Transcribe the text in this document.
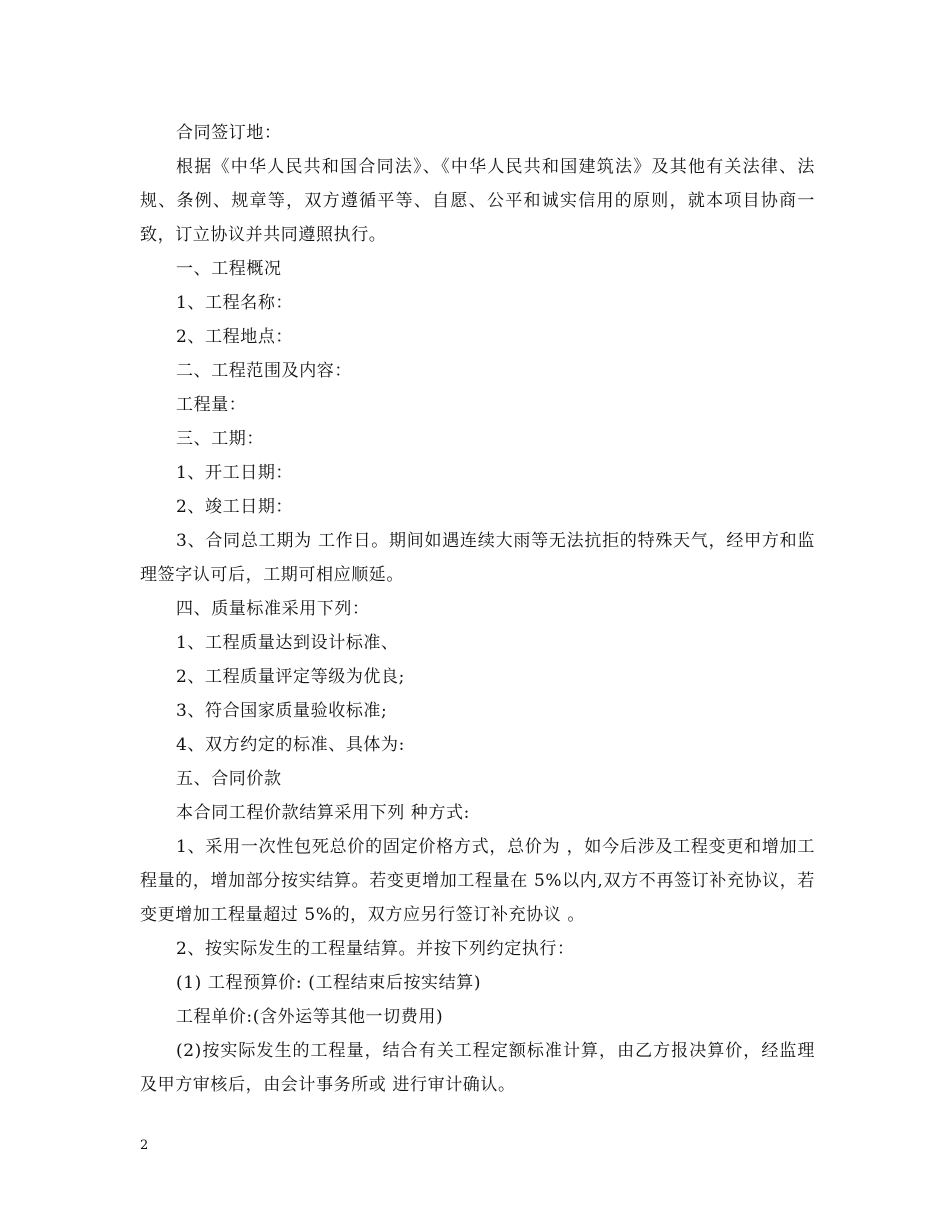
合同签订地：

根据《中华人民共和国合同法》、《中华人民共和国建筑法》及其他有关法律、法规、条例、规章等，双方遵循平等、自愿、公平和诚实信用的原则，就本项目协商一致，订立协议并共同遵照执行。

一、工程概况

1、工程名称：

2、工程地点：

二、工程范围及内容：

工程量：

三、工期：

1、开工日期：

2、竣工日期：

3、合同总工期为 工作日。期间如遇连续大雨等无法抗拒的特殊天气，经甲方和监理签字认可后，工期可相应顺延。

四、质量标准采用下列：

1、工程质量达到设计标准、

2、工程质量评定等级为优良;

3、符合国家质量验收标准;

4、双方约定的标准、具体为:

五、合同价款

本合同工程价款结算采用下列 种方式:

1、采用一次性包死总价的固定价格方式，总价为 ，如今后涉及工程变更和增加工程量的，增加部分按实结算。若变更增加工程量在 5%以内,双方不再签订补充协议，若变更增加工程量超过 5%的，双方应另行签订补充协议 。

2、按实际发生的工程量结算。并按下列约定执行：

(1) 工程预算价: (工程结束后按实结算)

工程单价:(含外运等其他一切费用)

(2)按实际发生的工程量，结合有关工程定额标准计算，由乙方报决算价，经监理及甲方审核后，由会计事务所或 进行审计确认。

2
